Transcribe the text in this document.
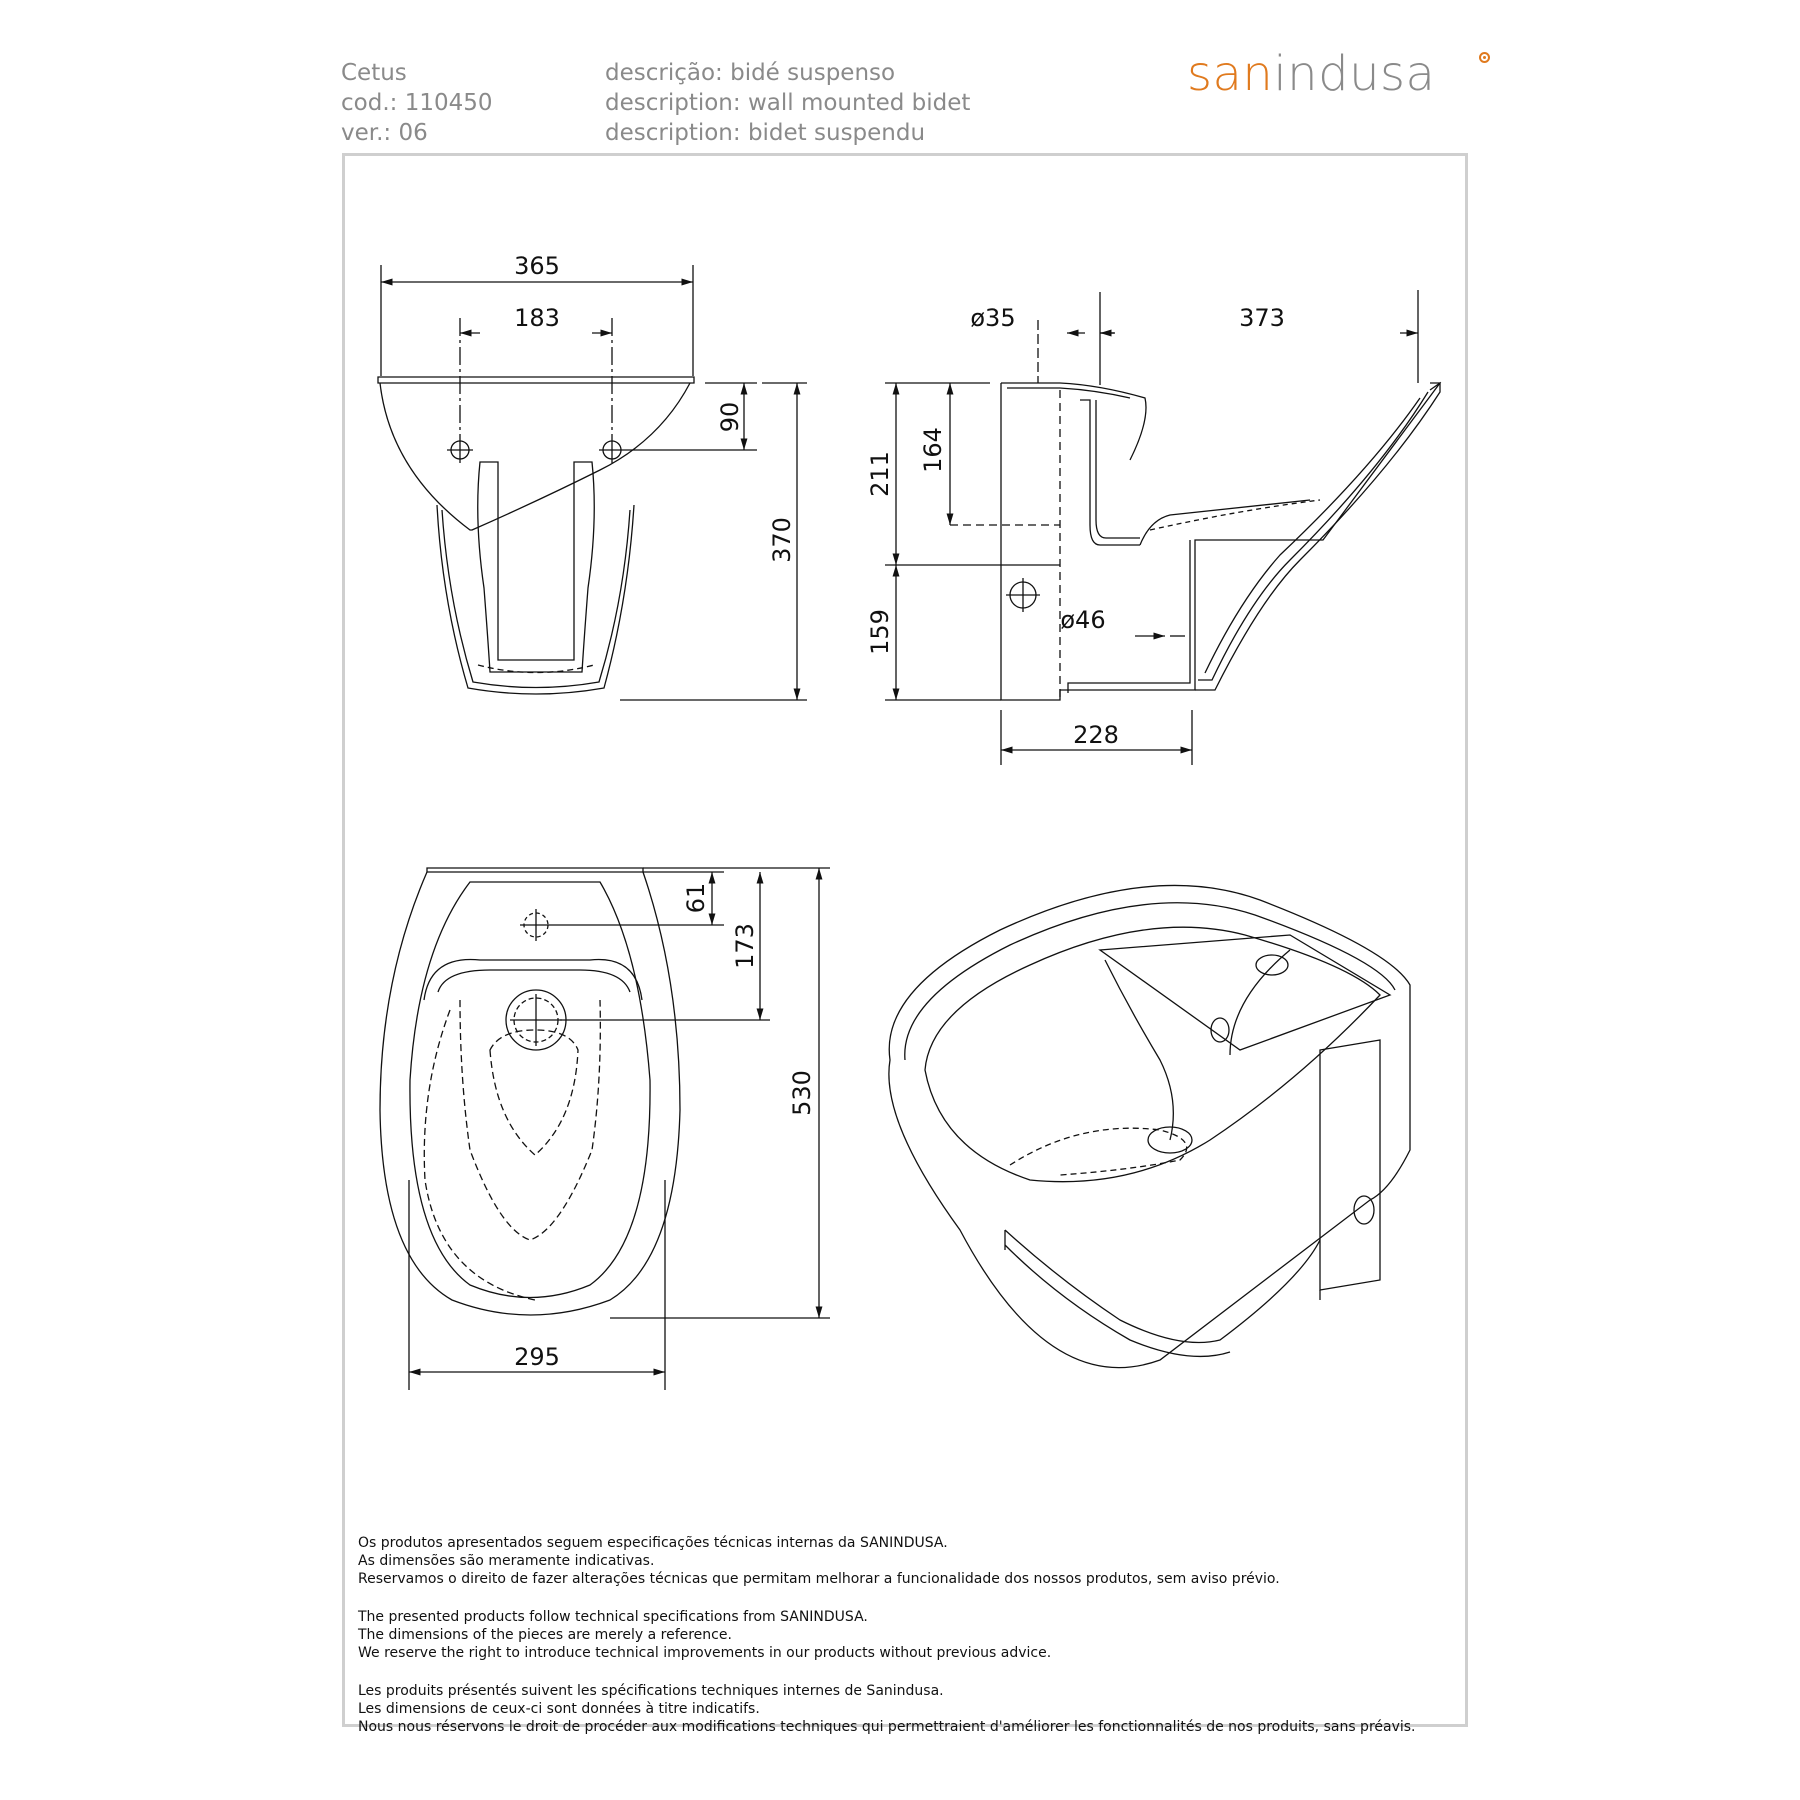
Cetus
cod.: 110450
ver.: 06
descrição: bidé suspenso
description: wall mounted bidet
description: bidet suspendu
sanindusa
365
183
90
370
ø35	373
211
164
159	ø46
228
61
173
530
295

Os produtos apresentados seguem especificações técnicas internas da SANINDUSA.
As dimensões são meramente indicativas.
Reservamos o direito de fazer alterações técnicas que permitam melhorar a funcionalidade dos nossos produtos, sem aviso prévio.

The presented products follow technical specifications from SANINDUSA.
The dimensions of the pieces are merely a reference.
We reserve the right to introduce technical improvements in our products without previous advice.

Les produits présentés suivent les spécifications techniques internes de Sanindusa.
Les dimensions de ceux-ci sont données à titre indicatifs.
Nous nous réservons le droit de procéder aux modifications techniques qui permettraient d'améliorer les fonctionnalités de nos produits, sans préavis.
